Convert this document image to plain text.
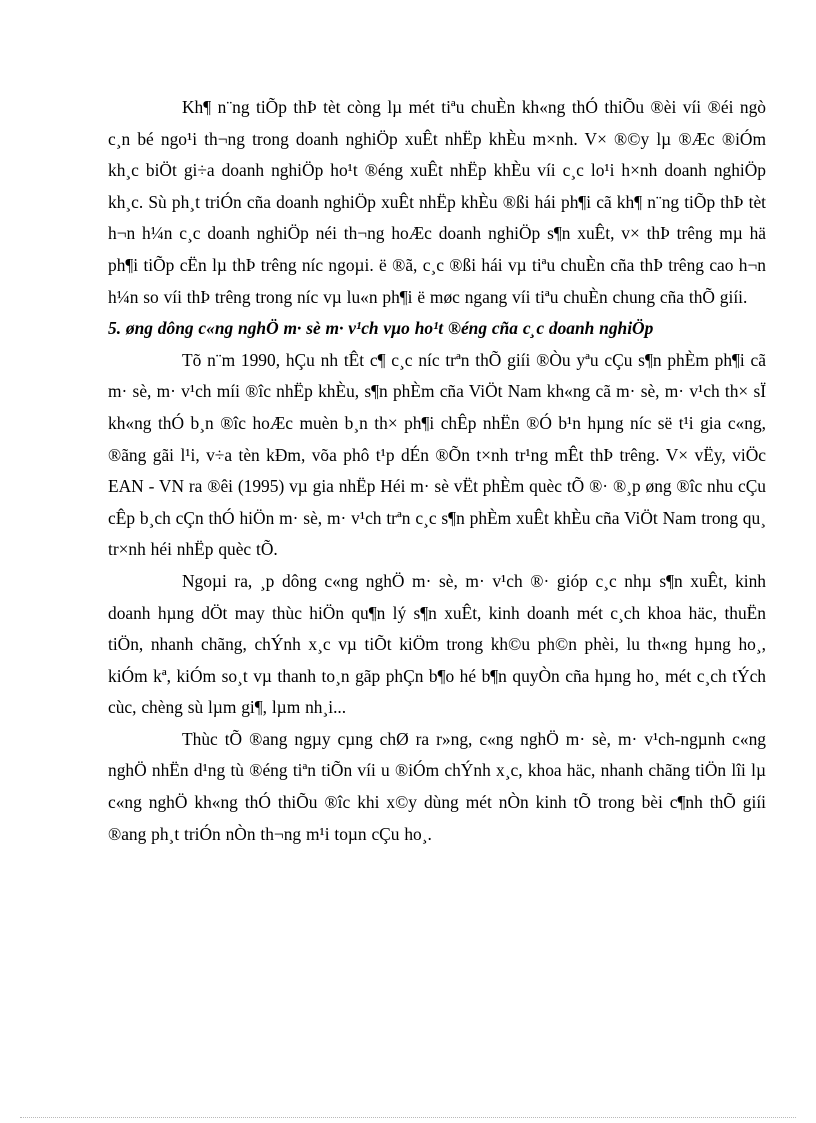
Kh¶ n¨ng tiÕp thÞ tèt còng lµ mét tiªu chuÈn kh«ng thÓ thiÕu ®èi víi ®éi ngò c¸n bé ngo¹i th¬ng trong doanh nghiÖp xuÊt nhËp khÈu m×nh. V× ®©y lµ ®Æc ®iÓm kh¸c biÖt gi÷a doanh nghiÖp ho¹t ®éng xuÊt nhËp khÈu víi c¸c lo¹i h×nh doanh nghiÖp kh¸c. Sù ph¸t triÓn cña doanh nghiÖp xuÊt nhËp khÈu ®ßi hái ph¶i cã kh¶ n¨ng tiÕp thÞ tèt h¬n h¼n c¸c doanh nghiÖp néi th¬ng hoÆc doanh nghiÖp s¶n xuÊt, v× thÞ trêng mµ hä ph¶i tiÕp cËn lµ thÞ trêng níc ngoµi. ë ®ã, c¸c ®ßi hái vµ tiªu chuÈn cña thÞ trêng cao h¬n h¼n so víi thÞ trêng trong níc vµ lu«n ph¶i ë møc ngang víi tiªu chuÈn chung cña thÕ giíi.

5. øng dông c«ng nghÖ m· sè m· v¹ch vµo ho¹t ®éng cña c¸c doanh nghiÖp

Tõ n¨m 1990, hÇu nh tÊt c¶ c¸c níc trªn thÕ giíi ®Òu yªu cÇu s¶n phÈm ph¶i cã m· sè, m· v¹ch míi ®îc nhËp khÈu, s¶n phÈm cña ViÖt Nam kh«ng cã m· sè, m· v¹ch th× sÏ kh«ng thÓ b¸n ®îc hoÆc muèn b¸n th× ph¶i chÊp nhËn ®Ó b¹n hµng níc së t¹i gia c«ng, ®ãng gãi l¹i, v÷a tèn kÐm, võa phô t¹p dÉn ®Õn t×nh tr¹ng mÊt thÞ trêng. V× vËy, viÖc EAN - VN ra ®êi (1995) vµ gia nhËp Héi m· sè vËt phÈm quèc tÕ ®· ®¸p øng ®îc nhu cÇu cÊp b¸ch cÇn thÓ hiÖn m· sè, m· v¹ch trªn c¸c s¶n phÈm xuÊt khÈu cña ViÖt Nam trong qu¸ tr×nh héi nhËp quèc tÕ.

Ngoµi ra, ¸p dông c«ng nghÖ m· sè, m· v¹ch ®· gióp c¸c nhµ s¶n xuÊt, kinh doanh hµng dÖt may thùc hiÖn qu¶n lý s¶n xuÊt, kinh doanh mét c¸ch khoa häc, thuËn tiÖn, nhanh chãng, chÝnh x¸c vµ tiÕt kiÖm trong kh©u ph©n phèi, lu th«ng hµng ho¸, kiÓm kª, kiÓm so¸t vµ thanh to¸n gãp phÇn b¶o hé b¶n quyÒn cña hµng ho¸ mét c¸ch tÝch cùc, chèng sù lµm gi¶, lµm nh¸i...

Thùc tÕ ®ang ngµy cµng chØ ra r»ng, c«ng nghÖ m· sè, m· v¹ch-ngµnh c«ng nghÖ nhËn d¹ng tù ®éng tiªn tiÕn víi u ®iÓm chÝnh x¸c, khoa häc, nhanh chãng tiÖn lîi lµ c«ng nghÖ kh«ng thÓ thiÕu ®îc khi x©y dùng mét nÒn kinh tÕ trong bèi c¶nh thÕ giíi ®ang ph¸t triÓn nÒn th¬ng m¹i toµn cÇu ho¸.
